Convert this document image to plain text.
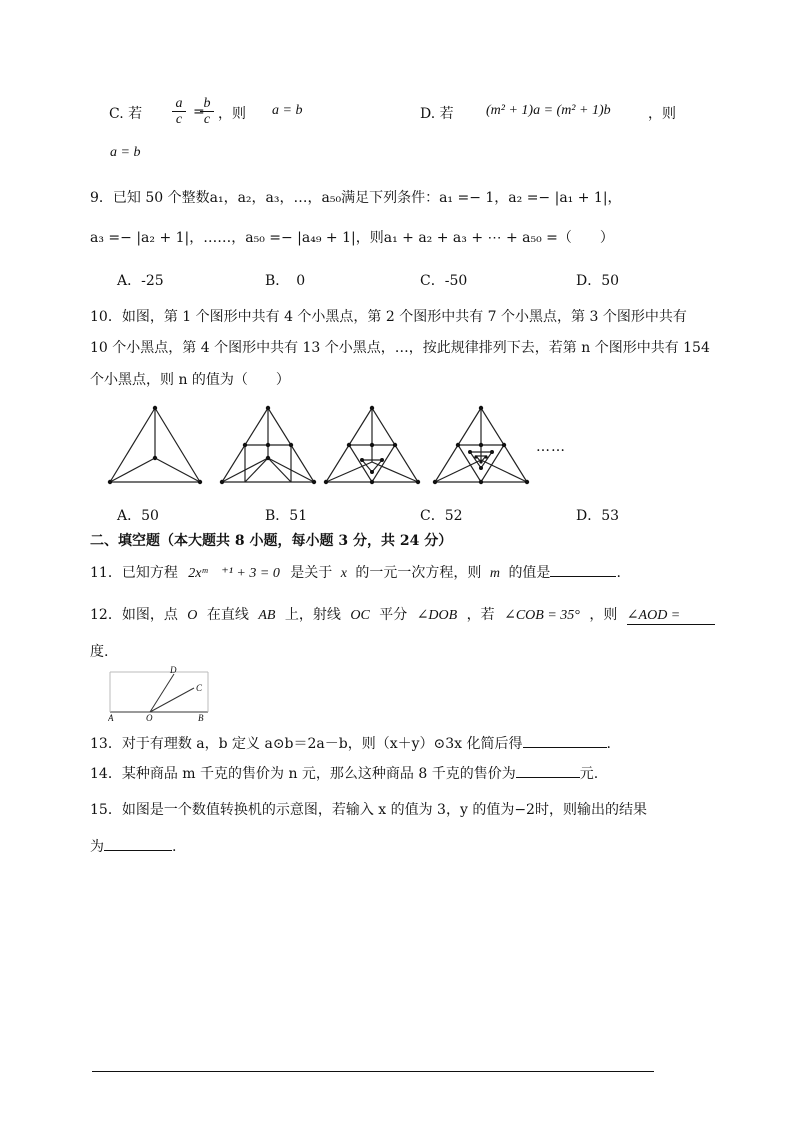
C. 若 $\frac{a}{c}$ =
$\frac{b}{c}$ ，则 a = b	D. 若 (m² + 1)a = (m² + 1)b	，则
a = b
9．已知 50 个整数a₁，a₂，a₃，…，a₅₀满足下列条件：a₁ =− 1，a₂ =− |a₁ + 1|，
a₃ =− |a₂ + 1|，……，a₅₀ =− |a₄₉ + 1|，则a₁ + a₂ + a₃ + ⋯ + a₅₀ =（　　）
A．-25	B．　0	C．-50	D．50
10．如图，第 1 个图形中共有 4 个小黑点，第 2 个图形中共有 7 个小黑点，第 3 个图形中共有
10 个小黑点，第 4 个图形中共有 13 个小黑点，…，按此规律排列下去，若第 n 个图形中共有 154
个小黑点，则 n 的值为（　　）
……
A．50	B．51	C．52	D．53
二、填空题（本大题共 8 小题，每小题 3 分，共 24 分）
11．已知方程 2xᵐ　⁺¹ + 3 = 0 是关于 x 的一元一次方程，则 m 的值是	.
12．如图，点 O 在直线 AB 上，射线 OC 平分 ∠DOB ，若 ∠COB = 35° ，则 ∠AOD =
度.
A	O	B
C
D
13．对于有理数 a，b 定义 a⊙b＝2a－b，则（x＋y）⊙3x 化简后得	.
14．某种商品 m 千克的售价为 n 元，那么这种商品 8 千克的售价为	元.
15．如图是一个数值转换机的示意图，若输入 x 的值为 3，y 的值为−2时，则输出的结果
为	.
